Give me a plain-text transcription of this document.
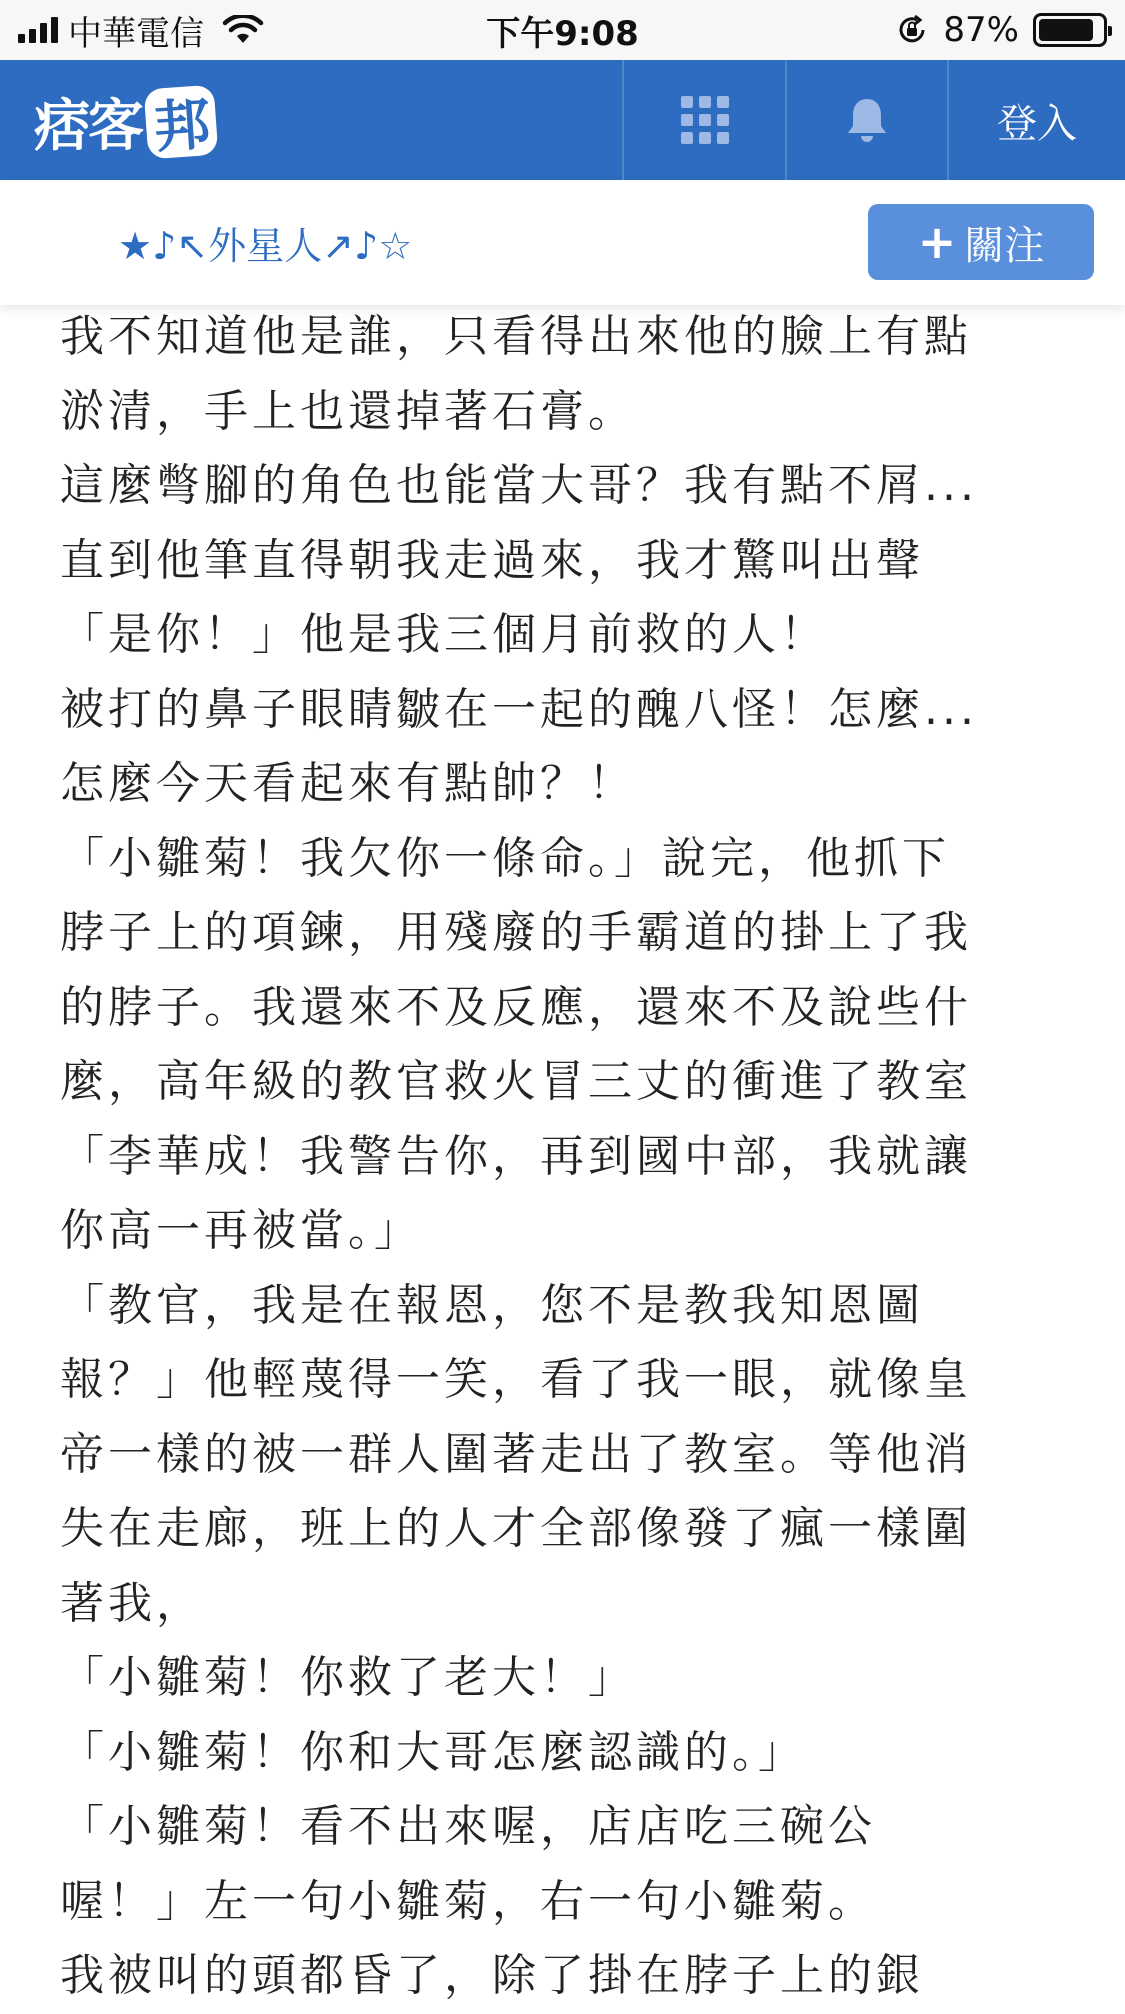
中華電信	下午9:08	87%
痞客 邦	登入
★♪↖外星人↗♪☆	+ 關注
我不知道他是誰，只看得出來他的臉上有點
淤清，手上也還掉著石膏。
這麼彆腳的角色也能當大哥？我有點不屑...
直到他筆直得朝我走過來，我才驚叫出聲
「是你！」他是我三個月前救的人！
被打的鼻子眼睛皺在一起的醜八怪！怎麼...
怎麼今天看起來有點帥？！
「小雛菊！我欠你一條命。」說完，他抓下
脖子上的項鍊，用殘廢的手霸道的掛上了我
的脖子。我還來不及反應，還來不及說些什
麼，高年級的教官救火冒三丈的衝進了教室
「李華成！我警告你，再到國中部，我就讓
你高一再被當。」
「教官，我是在報恩，您不是教我知恩圖
報？」他輕蔑得一笑，看了我一眼，就像皇
帝一樣的被一群人圍著走出了教室。等他消
失在走廊，班上的人才全部像發了瘋一樣圍
著我，
「小雛菊！你救了老大！」
「小雛菊！你和大哥怎麼認識的。」
「小雛菊！看不出來喔，店店吃三碗公
喔！」左一句小雛菊，右一句小雛菊。
我被叫的頭都昏了，除了掛在脖子上的銀
